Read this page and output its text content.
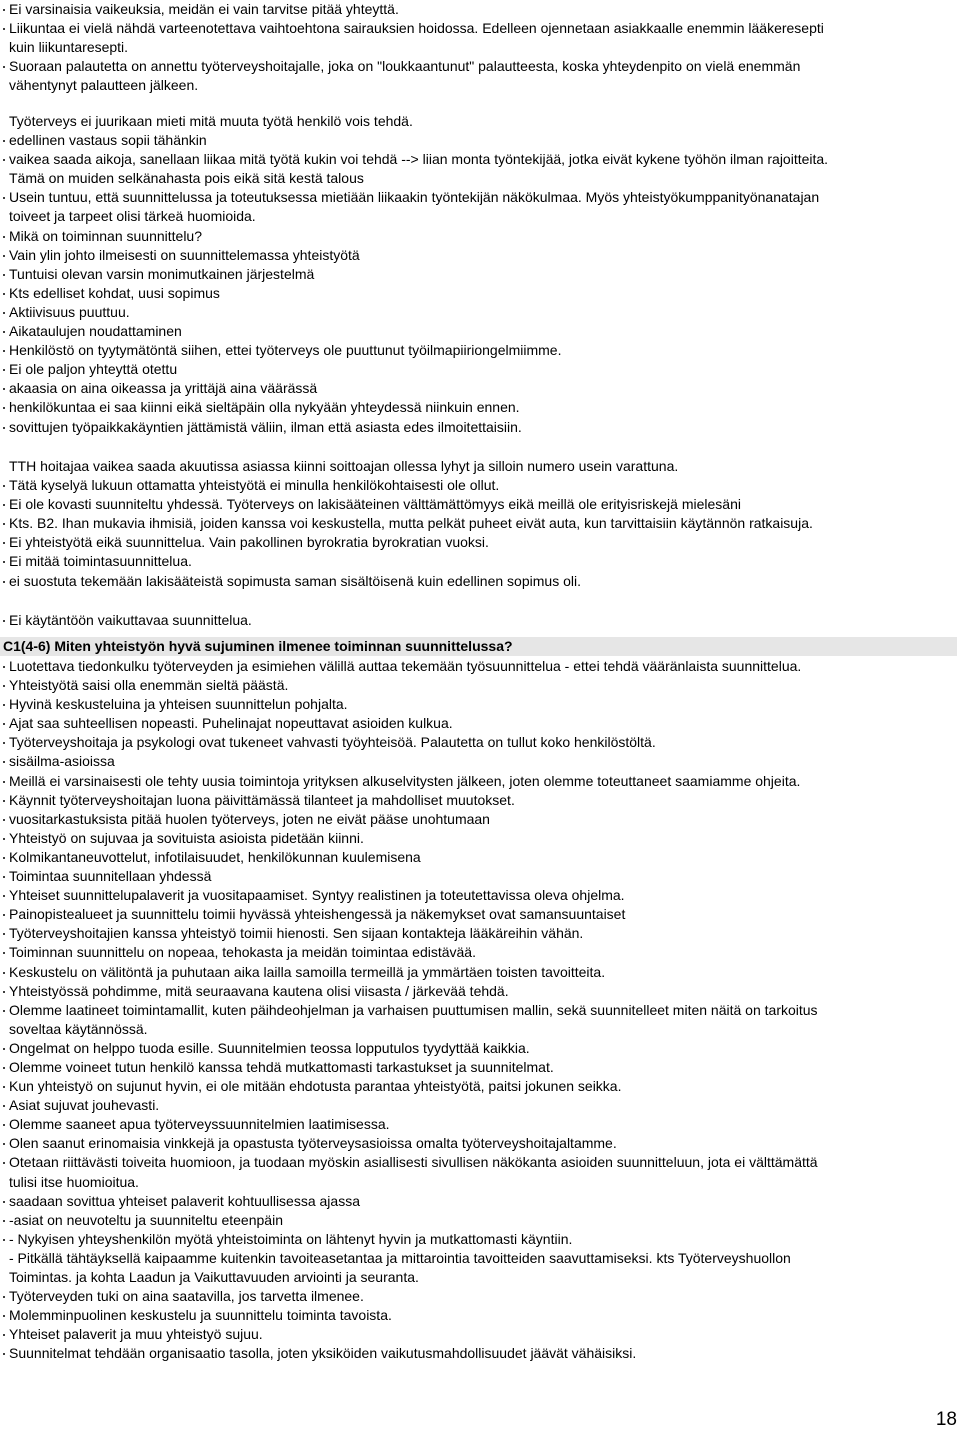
Ei varsinaisia vaikeuksia, meidän ei vain tarvitse pitää yhteyttä.
Liikuntaa ei vielä nähdä varteenotettava vaihtoehtona sairauksien hoidossa. Edelleen ojennetaan asiakkaalle enemmin lääkeresepti
kuin liikuntaresepti.
Suoraan palautetta on annettu työterveyshoitajalle, joka on "loukkaantunut" palautteesta, koska yhteydenpito on vielä enemmän
vähentynyt palautteen jälkeen.
Työterveys ei juurikaan mieti mitä muuta työtä henkilö vois tehdä.
edellinen vastaus sopii tähänkin
vaikea saada aikoja, sanellaan liikaa mitä työtä kukin voi tehdä --> liian monta työntekijää, jotka eivät kykene työhön ilman rajoitteita.
Tämä on muiden selkänahasta pois eikä sitä kestä talous
Usein tuntuu, että suunnittelussa ja toteutuksessa mietiään liikaakin työntekijän näkökulmaa. Myös yhteistyökumppanityönanatajan
toiveet ja tarpeet olisi tärkeä huomioida.
Mikä on toiminnan suunnittelu?
Vain ylin johto ilmeisesti on suunnittelemassa yhteistyötä
Tuntuisi olevan varsin monimutkainen järjestelmä
Kts edelliset kohdat, uusi sopimus
Aktiivisuus puuttuu.
Aikataulujen noudattaminen
Henkilöstö on tyytymätöntä siihen, ettei työterveys ole puuttunut työilmapiiriongelmiimme.
Ei ole paljon yhteyttä otettu
akaasia on aina oikeassa ja yrittäjä aina väärässä
henkilökuntaa ei saa kiinni eikä sieltäpäin olla nykyään yhteydessä niinkuin ennen.
sovittujen työpaikkakäyntien jättämistä väliin, ilman että asiasta edes ilmoitettaisiin.
TTH hoitajaa vaikea saada akuutissa asiassa kiinni soittoajan ollessa lyhyt ja silloin numero usein varattuna.
Tätä kyselyä lukuun ottamatta yhteistyötä ei minulla henkilökohtaisesti ole ollut.
Ei ole kovasti suunniteltu yhdessä. Työterveys on lakisääteinen välttämättömyys eikä meillä ole erityisriskejä mielesäni
Kts. B2. Ihan mukavia ihmisiä, joiden kanssa voi keskustella, mutta pelkät puheet eivät auta, kun tarvittaisiin käytännön ratkaisuja.
Ei yhteistyötä eikä suunnittelua. Vain pakollinen byrokratia byrokratian vuoksi.
Ei mitää toimintasuunnittelua.
ei suostuta tekemään lakisääteistä sopimusta saman sisältöisenä kuin edellinen sopimus oli.
Ei käytäntöön vaikuttavaa suunnittelua.
C1(4-6) Miten yhteistyön hyvä sujuminen ilmenee toiminnan suunnittelussa?
Luotettava tiedonkulku työterveyden ja esimiehen välillä auttaa tekemään työsuunnittelua - ettei tehdä vääränlaista suunnittelua.
Yhteistyötä saisi olla enemmän sieltä päästä.
Hyvinä keskusteluina ja yhteisen suunnittelun pohjalta.
Ajat saa suhteellisen nopeasti. Puhelinajat nopeuttavat asioiden kulkua.
Työterveyshoitaja ja psykologi ovat tukeneet vahvasti työyhteisöä. Palautetta on tullut koko henkilöstöltä.
sisäilma-asioissa
Meillä ei varsinaisesti ole tehty uusia toimintoja yrityksen alkuselvitysten jälkeen, joten olemme toteuttaneet saamiamme ohjeita.
Käynnit työterveyshoitajan luona päivittämässä tilanteet ja mahdolliset muutokset.
vuositarkastuksista pitää huolen työterveys, joten ne eivät pääse unohtumaan
Yhteistyö on sujuvaa ja sovituista asioista pidetään kiinni.
Kolmikantaneuvottelut, infotilaisuudet, henkilökunnan kuulemisena
Toimintaa suunnitellaan yhdessä
Yhteiset suunnittelupalaverit ja vuositapaamiset. Syntyy realistinen ja toteutettavissa oleva ohjelma.
Painopistealueet ja suunnittelu toimii hyvässä yhteishengessä ja näkemykset ovat samansuuntaiset
Työterveyshoitajien kanssa yhteistyö toimii hienosti. Sen sijaan kontakteja lääkäreihin vähän.
Toiminnan suunnittelu on nopeaa, tehokasta ja meidän toimintaa edistävää.
Keskustelu on välitöntä ja puhutaan aika lailla samoilla termeillä ja ymmärtäen toisten tavoitteita.
Yhteistyössä pohdimme, mitä seuraavana kautena olisi viisasta / järkevää tehdä.
Olemme laatineet toimintamallit, kuten päihdeohjelman ja varhaisen puuttumisen mallin, sekä suunnitelleet miten näitä on tarkoitus
soveltaa käytännössä.
Ongelmat on helppo tuoda esille. Suunnitelmien teossa lopputulos tyydyttää kaikkia.
Olemme voineet tutun henkilö kanssa tehdä mutkattomasti tarkastukset ja suunnitelmat.
Kun yhteistyö on sujunut hyvin, ei ole mitään ehdotusta parantaa yhteistyötä, paitsi jokunen seikka.
Asiat sujuvat jouhevasti.
Olemme saaneet apua työterveyssuunnitelmien laatimisessa.
Olen saanut erinomaisia vinkkejä ja opastusta työterveysasioissa omalta työterveyshoitajaltamme.
Otetaan riittävästi toiveita huomioon, ja tuodaan myöskin asiallisesti sivullisen näkökanta asioiden suunnitteluun, jota ei välttämättä
tulisi itse huomioitua.
saadaan sovittua yhteiset palaverit kohtuullisessa ajassa
-asiat on neuvoteltu ja suunniteltu eteenpäin
- Nykyisen yhteyshenkilön myötä yhteistoiminta on lähtenyt hyvin ja mutkattomasti käyntiin.
- Pitkällä tähtäyksellä kaipaamme kuitenkin tavoiteasetantaa ja mittarointia tavoitteiden saavuttamiseksi. kts Työterveyshuollon
Toimintas. ja kohta Laadun ja Vaikuttavuuden arviointi ja seuranta.
Työterveyden tuki on aina saatavilla, jos tarvetta ilmenee.
Molemminpuolinen keskustelu ja suunnittelu toiminta tavoista.
Yhteiset palaverit ja muu yhteistyö sujuu.
Suunnitelmat tehdään organisaatio tasolla, joten yksiköiden vaikutusmahdollisuudet jäävät vähäisiksi.
18
